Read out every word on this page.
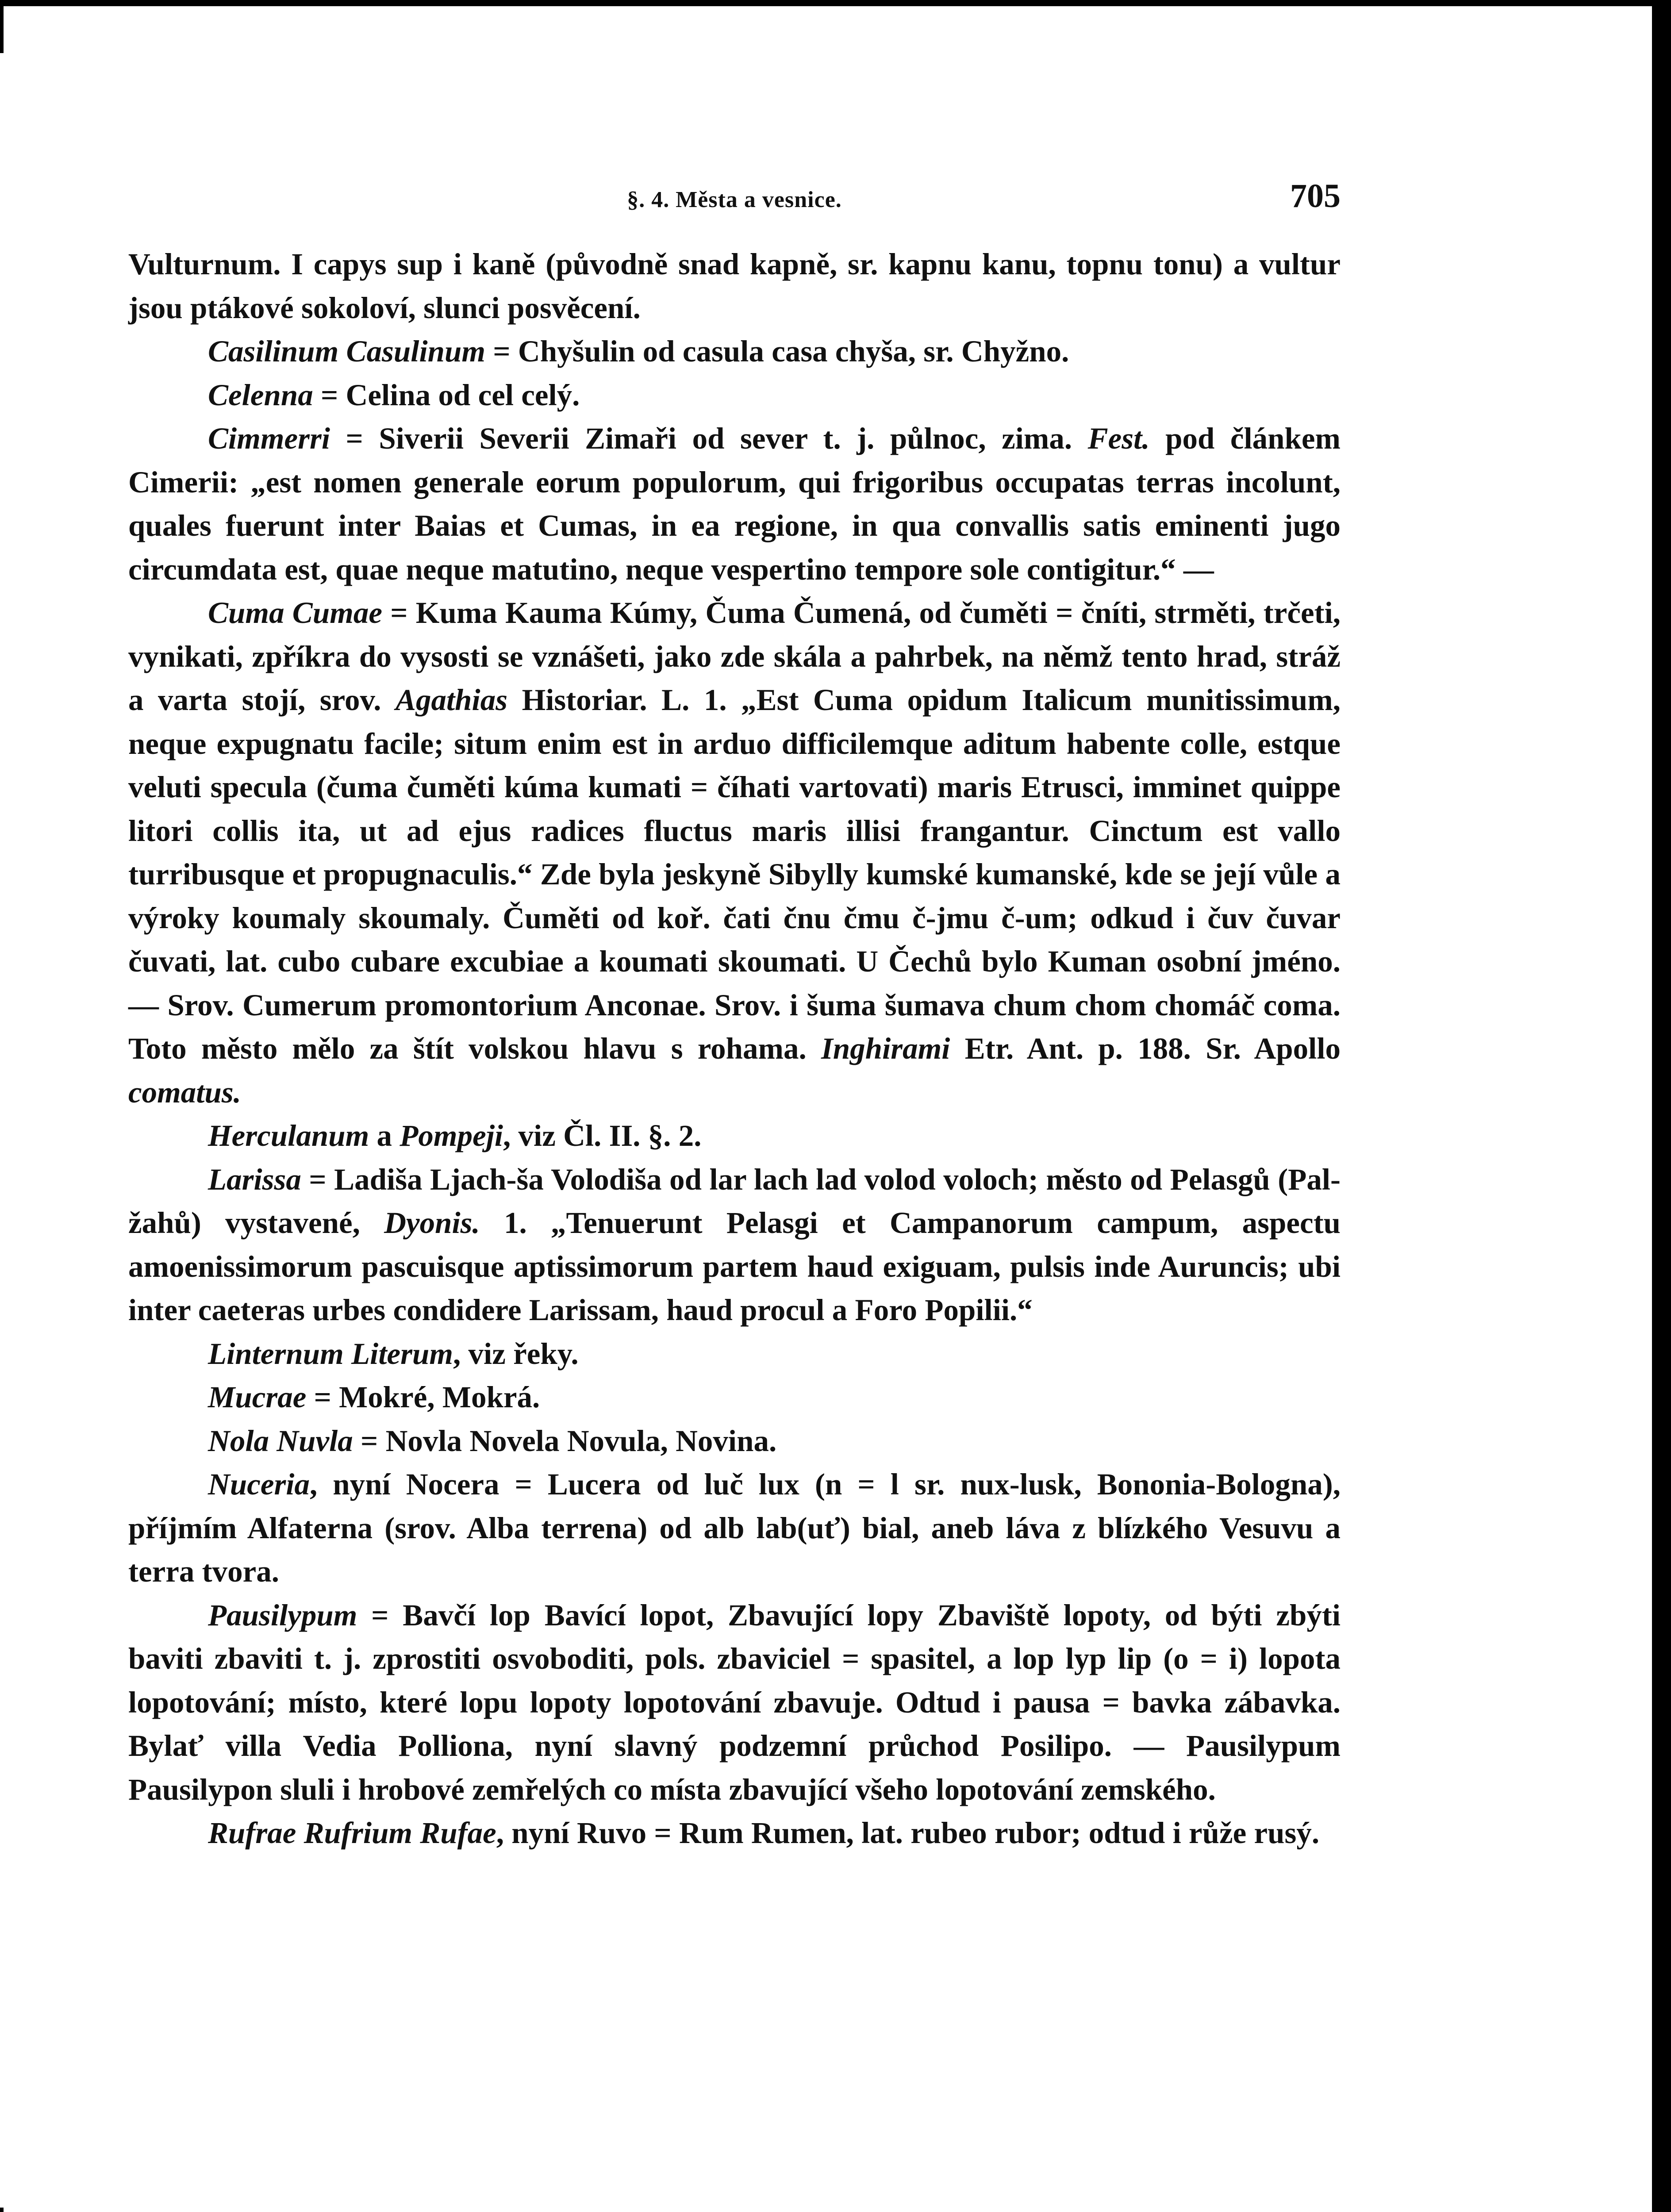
§. 4. Města a vesnice.	705

Vulturnum. I capys sup i kaně (původně snad kapně, sr. kapnu kanu, topnu tonu) a vultur jsou ptákové sokoloví, slunci posvěcení.

Casilinum Casulinum = Chyšulin od casula casa chyša, sr. Chyžno.

Celenna = Celina od cel celý.

Cimmerri = Siverii Severii Zimaři od sever t. j. půlnoc, zima. Fest. pod článkem Cimerii: „est nomen generale eorum populorum, qui frigoribus occupatas terras incolunt, quales fuerunt inter Baias et Cumas, in ea regione, in qua convallis satis eminenti jugo circumdata est, quae neque matutino, neque vespertino tempore sole contigitur.“ —

Cuma Cumae = Kuma Kauma Kúmy, Čuma Čumená, od čuměti = čníti, strměti, trčeti, vynikati, zpříkra do vysosti se vznášeti, jako zde skála a pahrbek, na němž tento hrad, stráž a varta stojí, srov. Agathias Historiar. L. 1. „Est Cuma opidum Italicum munitissimum, neque expugnatu facile; situm enim est in arduo difficilemque aditum habente colle, estque veluti specula (čuma čuměti kúma kumati = číhati vartovati) maris Etrusci, imminet quippe litori collis ita, ut ad ejus radices fluctus maris illisi frangantur. Cinctum est vallo turribusque et propugnaculis.“ Zde byla jeskyně Sibylly kumské kumanské, kde se její vůle a výroky koumaly skoumaly. Čuměti od koř. čati čnu čmu č-jmu č-um; odkud i čuv čuvar čuvati, lat. cubo cubare excubiae a koumati skoumati. U Čechů bylo Kuman osobní jméno. — Srov. Cumerum promontorium Anconae. Srov. i šuma šumava chum chom chomáč coma. Toto město mělo za štít volskou hlavu s rohama. Inghirami Etr. Ant. p. 188. Sr. Apollo comatus.

Herculanum a Pompeji, viz Čl. II. §. 2.

Larissa = Ladiša Ljach-ša Volodiša od lar lach lad volod voloch; město od Pelasgů (Pal-žahů) vystavené, Dyonis. 1. „Tenuerunt Pelasgi et Campanorum campum, aspectu amoenissimorum pascuisque aptissimorum partem haud exiguam, pulsis inde Auruncis; ubi inter caeteras urbes condidere Larissam, haud procul a Foro Popilii.“

Linternum Literum, viz řeky.

Mucrae = Mokré, Mokrá.

Nola Nuvla = Novla Novela Novula, Novina.

Nuceria, nyní Nocera = Lucera od luč lux (n = l sr. nux-lusk, Bononia-Bologna), příjmím Alfaterna (srov. Alba terrena) od alb lab(uť) bial, aneb láva z blízkého Vesuvu a terra tvora.

Pausilypum = Bavčí lop Bavící lopot, Zbavující lopy Zbaviště lopoty, od býti zbýti baviti zbaviti t. j. zprostiti osvoboditi, pols. zbaviciel = spasitel, a lop lyp lip (o = i) lopota lopotování; místo, které lopu lopoty lopotování zbavuje. Odtud i pausa = bavka zábavka. Bylať villa Vedia Polliona, nyní slavný podzemní průchod Posilipo. — Pausilypum Pausilypon sluli i hrobové zemřelých co místa zbavující všeho lopotování zemského.

Rufrae Rufrium Rufae, nyní Ruvo = Rum Rumen, lat. rubeo rubor; odtud i růže rusý.
